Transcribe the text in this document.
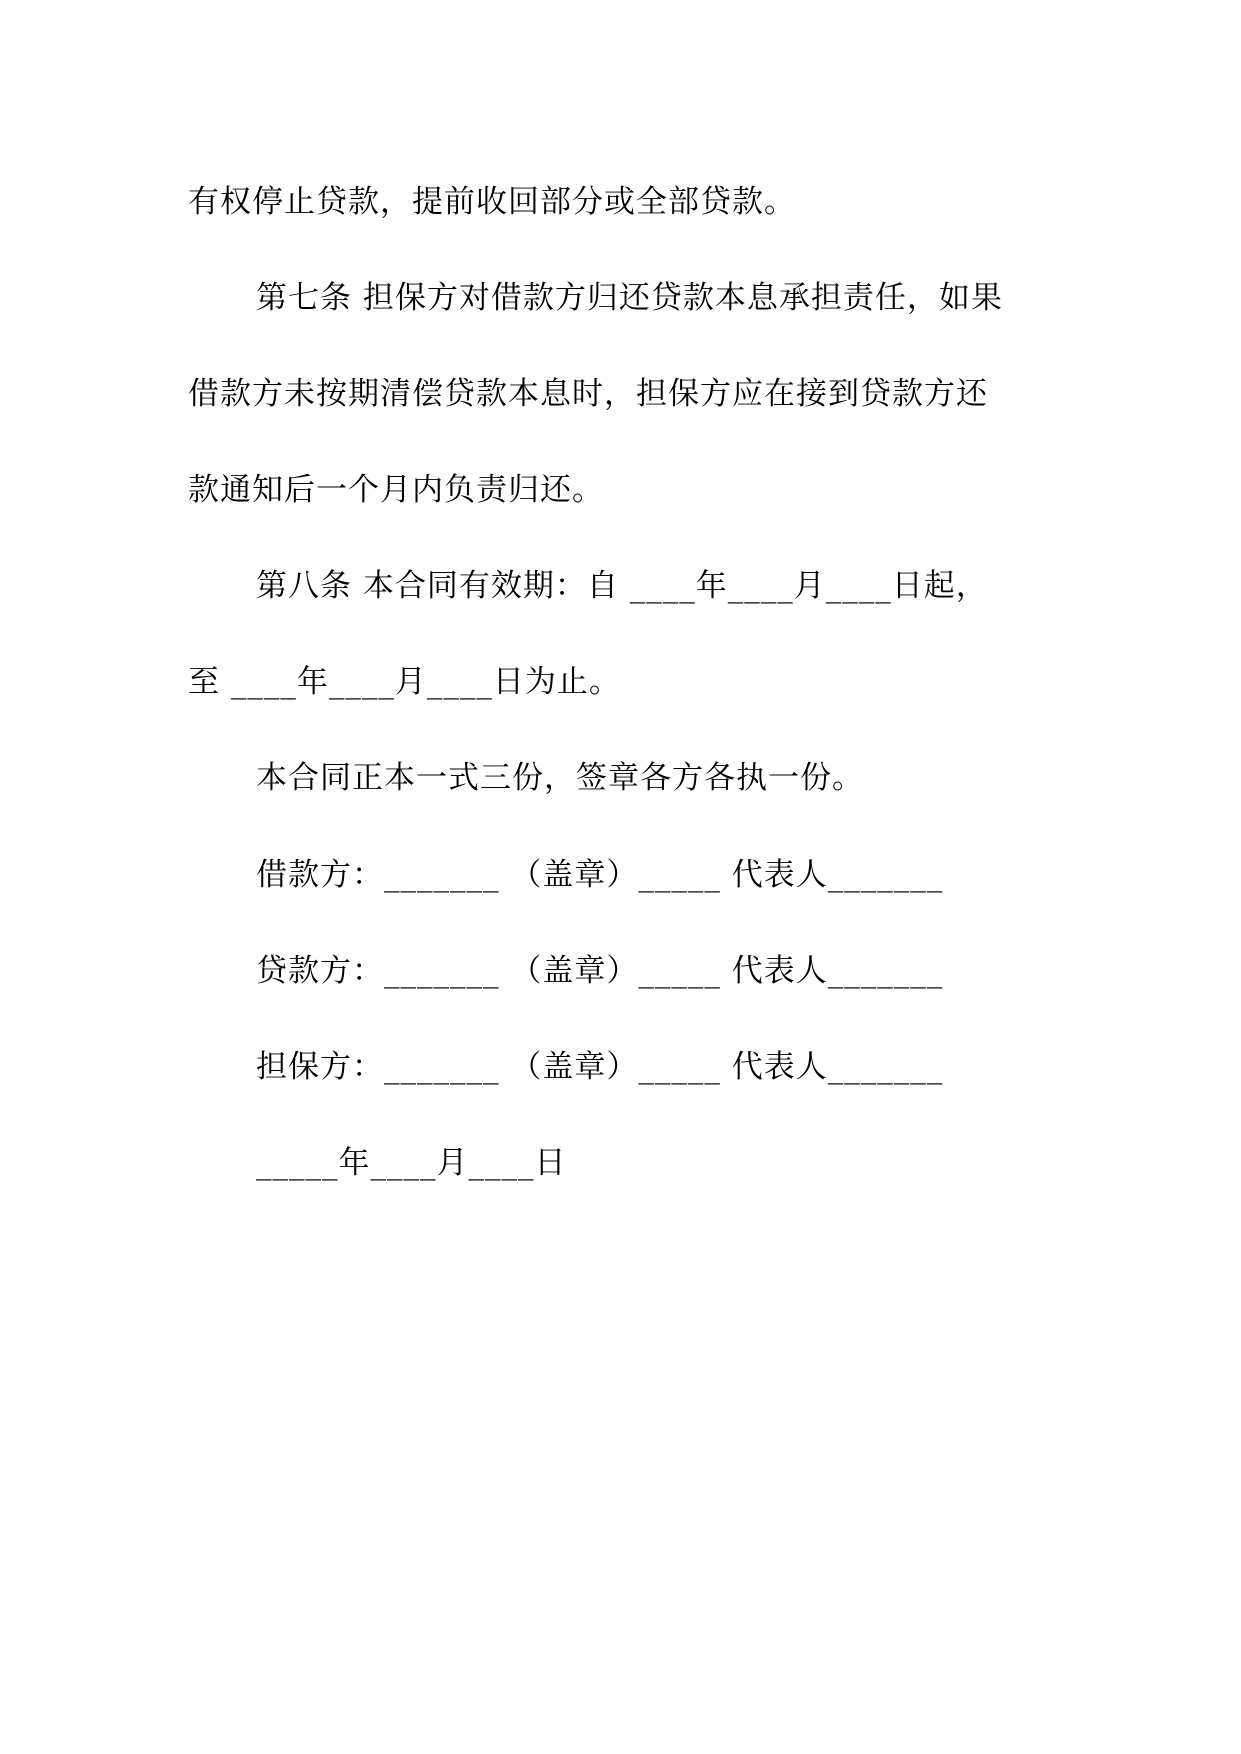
有权停止贷款，提前收回部分或全部贷款。
第七条 担保方对借款方归还贷款本息承担责任，如果
借款方未按期清偿贷款本息时，担保方应在接到贷款方还
款通知后一个月内负责归还。
第八条 本合同有效期：自 ____年____月____日起，
至 ____年____月____日为止。
本合同正本一式三份，签章各方各执一份。
借款方：_______ （盖章）_____ 代表人_______
贷款方：_______ （盖章）_____ 代表人_______
担保方：_______ （盖章）_____ 代表人_______
_____年____月____日
